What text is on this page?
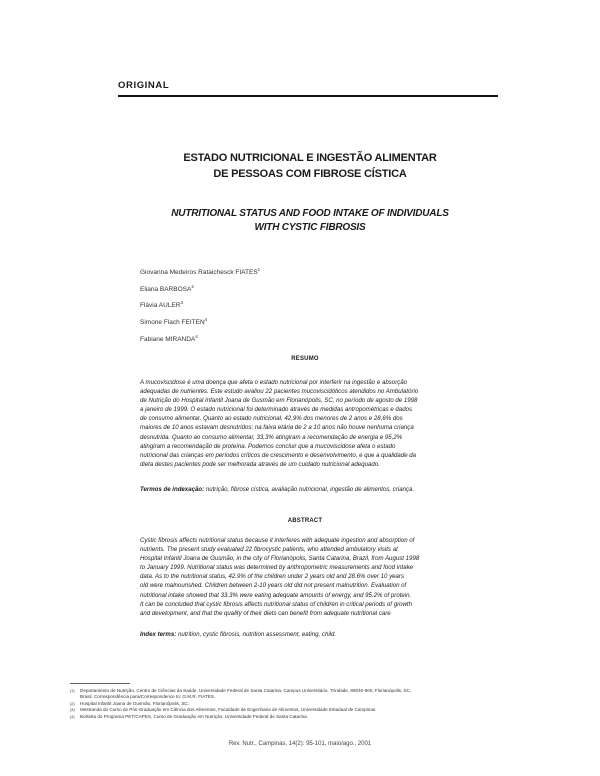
ORIGINAL
ESTADO NUTRICIONAL E INGESTÃO ALIMENTAR
DE PESSOAS COM FIBROSE CÍSTICA
NUTRITIONAL STATUS AND FOOD INTAKE OF INDIVIDUALS
WITH CYSTIC FIBROSIS
Giovanna Medeiros Rataichesck FIATES$^1$
Eliana BARBOSA$^2$
Flávia AULER$^3$
Simone Flach FEITEN$^4$
Fabiane MIRANDA$^4$
RESUMO
A mucoviscidose é uma doença que afeta o estado nutricional por interferir na ingestão e absorção
adequadas de nutrientes. Este estudo avaliou 22 pacientes mucoviscidóticos atendidos no Ambulatório
de Nutrição do Hospital Infantil Joana de Gusmão em Florianópolis, SC, no período de agosto de 1998
a janeiro de 1999. O estado nutricional foi determinado através de medidas antropométricas e dados
de consumo alimentar. Quanto ao estado nutricional, 42,9% dos menores de 2 anos e 28,6% dos
maiores de 10 anos estavam desnutridos; na faixa etária de 2 a 10 anos não houve nenhuma criança
desnutrida. Quanto ao consumo alimentar, 33,3% atingiram a recomendação de energia e 95,2%
atingiram a recomendação de proteína. Podemos concluir que a mucoviscidose afeta o estado
nutricional das crianças em períodos críticos de crescimento e desenvolvimento, e que a qualidade da
dieta destes pacientes pode ser melhorada através de um cuidado nutricional adequado.
Termos de indexação: nutrição, fibrose cística, avaliação nutricional, ingestão de alimentos, criança.
ABSTRACT
Cystic fibrosis affects nutritional status because it interferes with adequate ingestion and absorption of
nutrients. The present study evaluated 22 fibrocystic patients, who attended ambulatory visits at
Hospital Infantil Joana de Gusmão, in the city of Florianópolis, Santa Catarina, Brazil, from August 1998
to January 1999. Nutritional status was determined by anthropometric measurements and food intake
data. As to the nutritional status, 42.9% of the children under 2 years old and 28.6% over 10 years
old were malnourished. Children between 2-10 years old did not present malnutrition. Evaluation of
nutritional intake showed that 33.3% were eating adequate amounts of energy, and 95.2% of protein.
It can be concluded that cystic fibrosis affects nutritional status of children in critical periods of growth
and development, and that the quality of their diets can benefit from adequate nutritional care
Index terms: nutrition, cystic fibrosis, nutrition assessment, eating, child.
(1)	Departamento de Nutrição, Centro de Ciências da Saúde, Universidade Federal de Santa Catarina. Campus Universitário, Trindade, 88040-900, Florianópolis, SC,
Brasil. Correspondência para/Correspondence to: G.M.R. FIATES.
(2)	Hospital Infantil Joana de Gusmão, Florianópolis, SC.
(3)	Mestranda do Curso de Pós-Graduação em Ciência dos Alimentos, Faculdade de Engenharia de Alimentos, Universidade Estadual de Campinas.
(4)	Bolsista do Programa PET/CAPES, Curso de Graduação em Nutrição, Universidade Federal de Santa Catarina.
Rev. Nutr., Campinas, 14(2): 95-101, maio/ago., 2001
